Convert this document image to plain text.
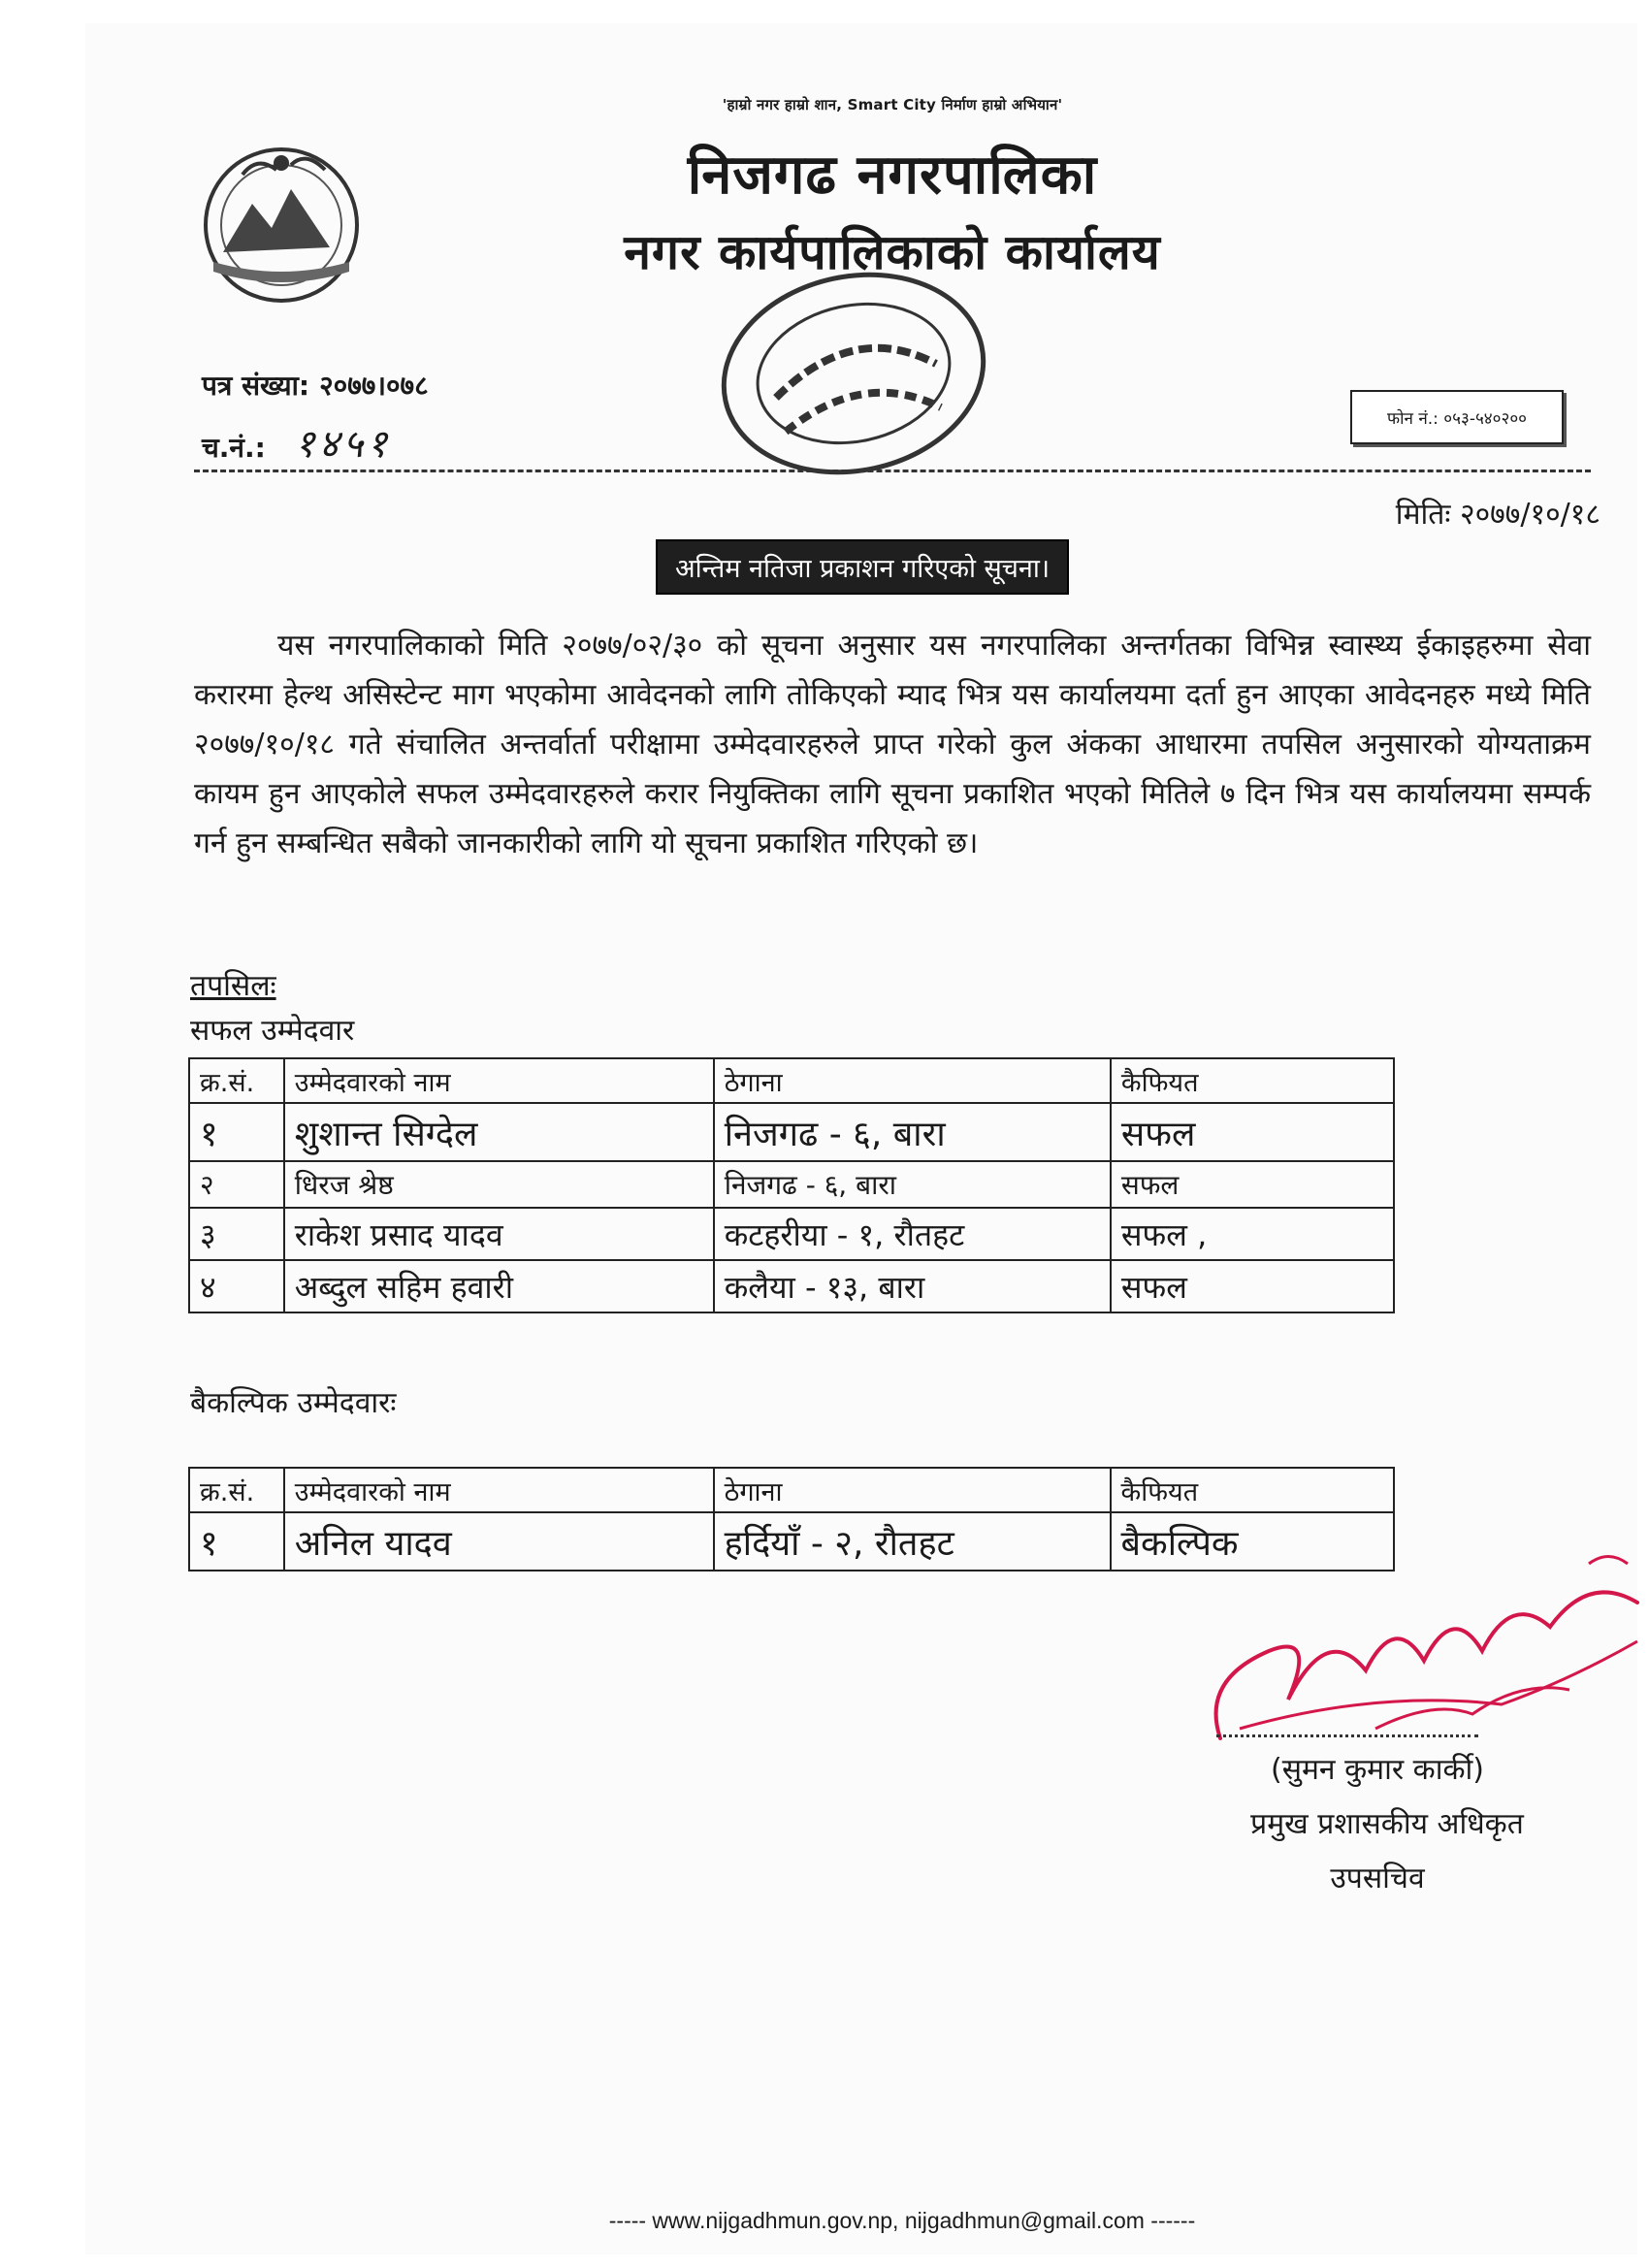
'हाम्रो नगर हाम्रो शान, Smart City निर्माण हाम्रो अभियान'
निजगढ नगरपालिका
नगर कार्यपालिकाको कार्यालय
पत्र संख्या: २०७७।०७८
च.नं.: १४५१
फोन नं.: ०५३-५४०२००
मितिः २०७७/१०/१८
अन्तिम नतिजा प्रकाशन गरिएको सूचना।
यस नगरपालिकाको मिति २०७७/०२/३० को सूचना अनुसार यस नगरपालिका अन्तर्गतका विभिन्न स्वास्थ्य ईकाइहरुमा सेवा करारमा हेल्थ असिस्टेन्ट माग भएकोमा आवेदनको लागि तोकिएको म्याद भित्र यस कार्यालयमा दर्ता हुन आएका आवेदनहरु मध्ये मिति २०७७/१०/१८ गते संचालित अन्तर्वार्ता परीक्षामा उम्मेदवारहरुले प्राप्त गरेको कुल अंकका आधारमा तपसिल अनुसारको योग्यताक्रम कायम हुन आएकोले सफल उम्मेदवारहरुले करार नियुक्तिका लागि सूचना प्रकाशित भएको मितिले ७ दिन भित्र यस कार्यालयमा सम्पर्क गर्न हुन सम्बन्धित सबैको जानकारीको लागि यो सूचना प्रकाशित गरिएको छ।
तपसिलः
सफल उम्मेदवार
क्र.सं.	उम्मेदवारको नाम	ठेगाना	कैफियत
१	शुशान्त सिग्देल	निजगढ - ६, बारा	सफल
२	धिरज श्रेष्ठ	निजगढ - ६, बारा	सफल
३	राकेश प्रसाद यादव	कटहरीया - १, रौतहट	सफल ,
४	अब्दुल सहिम हवारी	कलैया - १३, बारा	सफल
बैकल्पिक उम्मेदवारः
क्र.सं.	उम्मेदवारको नाम	ठेगाना	कैफियत
१	अनिल यादव	हर्दियाँ - २, रौतहट	बैकल्पिक
(सुमन कुमार कार्की)
प्रमुख प्रशासकीय अधिकृत
उपसचिव
----- www.nijgadhmun.gov.np, nijgadhmun@gmail.com ------
